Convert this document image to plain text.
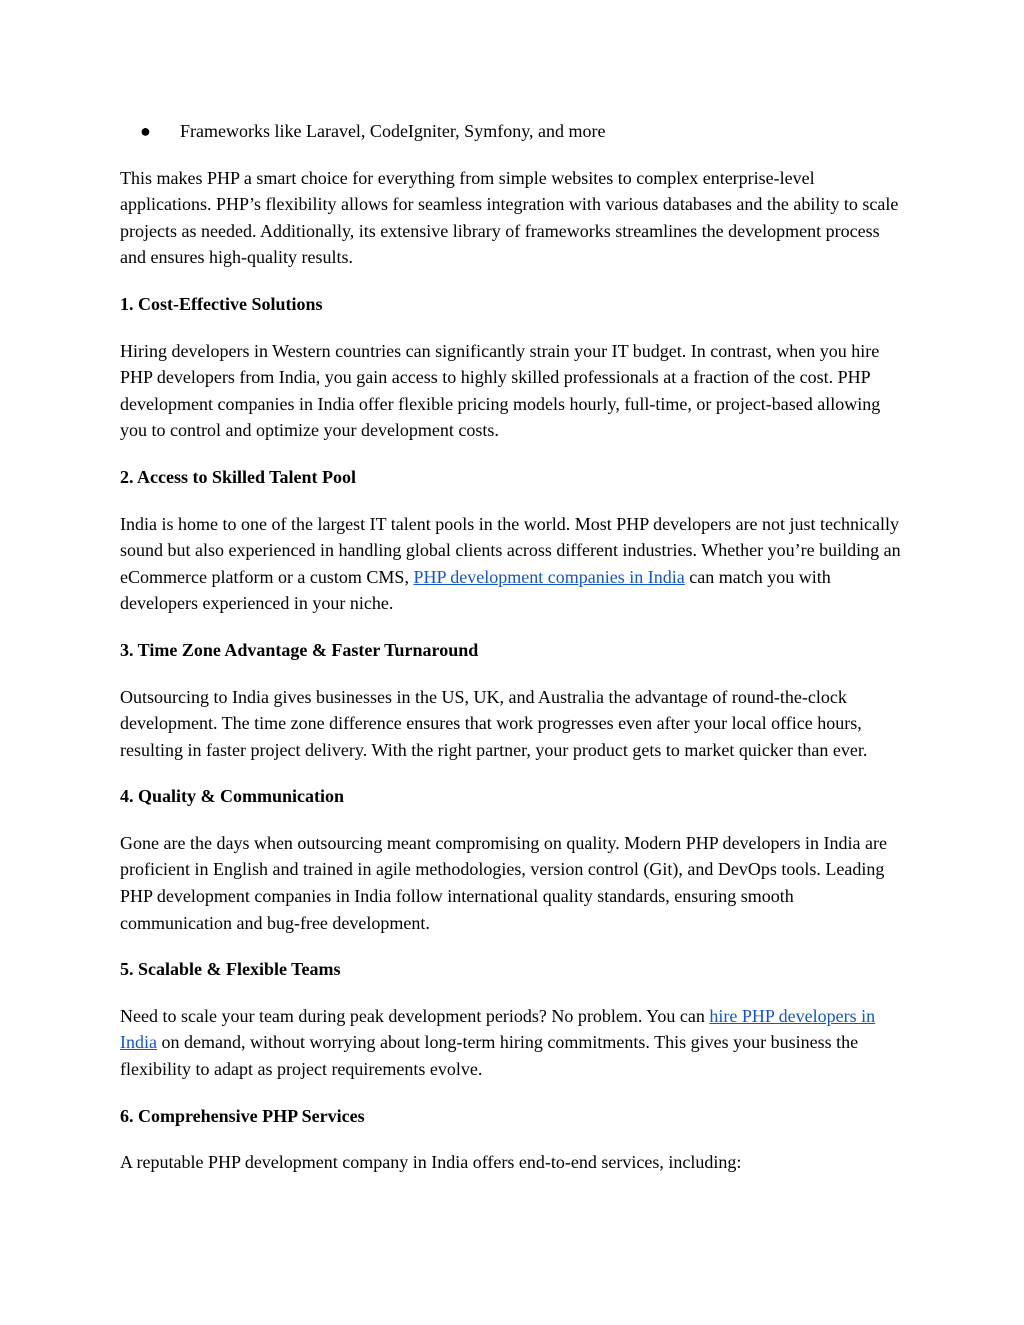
● Frameworks like Laravel, CodeIgniter, Symfony, and more

This makes PHP a smart choice for everything from simple websites to complex enterprise-level applications. PHP’s flexibility allows for seamless integration with various databases and the ability to scale projects as needed. Additionally, its extensive library of frameworks streamlines the development process and ensures high-quality results.

1. Cost-Effective Solutions

Hiring developers in Western countries can significantly strain your IT budget. In contrast, when you hire PHP developers from India, you gain access to highly skilled professionals at a fraction of the cost. PHP development companies in India offer flexible pricing models hourly, full-time, or project-based allowing you to control and optimize your development costs.

2. Access to Skilled Talent Pool

India is home to one of the largest IT talent pools in the world. Most PHP developers are not just technically sound but also experienced in handling global clients across different industries. Whether you’re building an eCommerce platform or a custom CMS, PHP development companies in India can match you with developers experienced in your niche.

3. Time Zone Advantage & Faster Turnaround

Outsourcing to India gives businesses in the US, UK, and Australia the advantage of round-the-clock development. The time zone difference ensures that work progresses even after your local office hours, resulting in faster project delivery. With the right partner, your product gets to market quicker than ever.

4. Quality & Communication

Gone are the days when outsourcing meant compromising on quality. Modern PHP developers in India are proficient in English and trained in agile methodologies, version control (Git), and DevOps tools. Leading PHP development companies in India follow international quality standards, ensuring smooth communication and bug-free development.

5. Scalable & Flexible Teams

Need to scale your team during peak development periods? No problem. You can hire PHP developers in India on demand, without worrying about long-term hiring commitments. This gives your business the flexibility to adapt as project requirements evolve.

6. Comprehensive PHP Services

A reputable PHP development company in India offers end-to-end services, including:
